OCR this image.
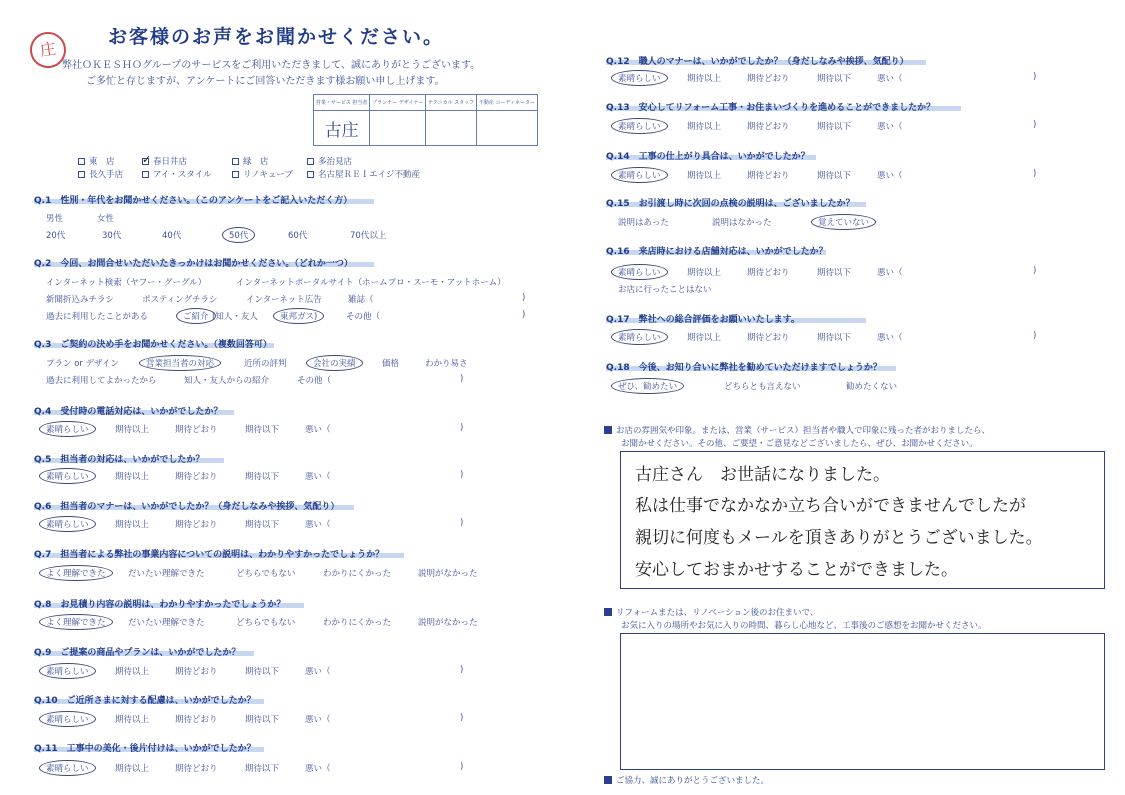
庄
お客様のお声をお聞かせください。
弊社ＯＫＥＳＨＯグループのサービスをご利用いただきまして、誠にありがとうございます。
ご多忙と存じますが、アンケートにご回答いただきます様お願い申し上げます。
営業・サービス 担当者	プランナー デザイナー	テクニカル スタッフ	不動産 コーディネーター
古庄			
東　店 ✓ 春日井店	緑　店	多治見店
長久手店	アイ・スタイル	リノキューブ	名古屋ＲＥＩエイジ不動産
Q.1　性別・年代をお聞かせください。（このアンケートをご記入いただく方）
男性	女性
20代	30代	40代	50代	60代	70代以上
Q.2　今回、お問合せいただいたきっかけはお聞かせください。（どれか一つ）
インターネット検索（ヤフー・グーグル）	インターネットポータルサイト（ホームプロ・スーモ・アットホーム）
新聞折込みチラシ	ポスティングチラシ	インターネット広告	雑誌（	)
過去に利用したことがある	ご紹介 (知人・友人	東邦ガス)	その他（	)
Q.3　ご契約の決め手をお聞かせください。（複数回答可）
プラン or デザイン	営業担当者の対応	近所の評判	会社の実績	価格	わかり易さ
過去に利用してよかったから	知人・友人からの紹介	その他（	)
Q.4　受付時の電話対応は、いかがでしたか？
素晴らしい	期待以上	期待どおり	期待以下	悪い（	)
Q.5　担当者の対応は、いかがでしたか？
素晴らしい	期待以上	期待どおり	期待以下	悪い（	)
Q.6　担当者のマナーは、いかがでしたか？（身だしなみや挨拶、気配り）
素晴らしい	期待以上	期待どおり	期待以下	悪い（	)
Q.7　担当者による弊社の事業内容についての説明は、わかりやすかったでしょうか？
よく理解できた	だいたい理解できた	どちらでもない	わかりにくかった	説明がなかった
Q.8　お見積り内容の説明は、わかりやすかったでしょうか？
よく理解できた	だいたい理解できた	どちらでもない	わかりにくかった	説明がなかった
Q.9　ご提案の商品やプランは、いかがでしたか？
素晴らしい	期待以上	期待どおり	期待以下	悪い（	)
Q.10　ご近所さまに対する配慮は、いかがでしたか？
素晴らしい	期待以上	期待どおり	期待以下	悪い（	)
Q.11　工事中の美化・後片付けは、いかがでしたか？
素晴らしい	期待以上	期待どおり	期待以下	悪い（	)
Q.12　職人のマナーは、いかがでしたか？（身だしなみや挨拶、気配り）
素晴らしい	期待以上	期待どおり	期待以下	悪い（	)
Q.13　安心してリフォーム工事・お住まいづくりを進めることができましたか？
素晴らしい	期待以上	期待どおり	期待以下	悪い（	)
Q.14　工事の仕上がり具合は、いかがでしたか？
素晴らしい	期待以上	期待どおり	期待以下	悪い（	)
Q.15　お引渡し時に次回の点検の説明は、ございましたか？
説明はあった	説明はなかった	覚えていない
Q.16　来店時における店舗対応は、いかがでしたか？
素晴らしい	期待以上	期待どおり	期待以下	悪い（	)
お店に行ったことはない
Q.17　弊社への総合評価をお願いいたします。
素晴らしい	期待以上	期待どおり	期待以下	悪い（	)
Q.18　今後、お知り合いに弊社を勧めていただけますでしょうか？
ぜひ、勧めたい	どちらとも言えない	勧めたくない
お店の雰囲気や印象。または、営業（サービス）担当者や職人で印象に残った者がおりましたら、
お聞かせください。その他、ご要望・ご意見などございましたら、ぜひ、お聞かせください。
古庄さん　お世話になりました。
私は仕事でなかなか立ち合いができませんでしたが
親切に何度もメールを頂きありがとうございました。
安心しておまかせすることができました。
リフォームまたは、リノベーション後のお住まいで、
お気に入りの場所やお気に入りの時間、暮らし心地など、工事後のご感想をお聞かせください。
ご協力、誠にありがとうございました。
